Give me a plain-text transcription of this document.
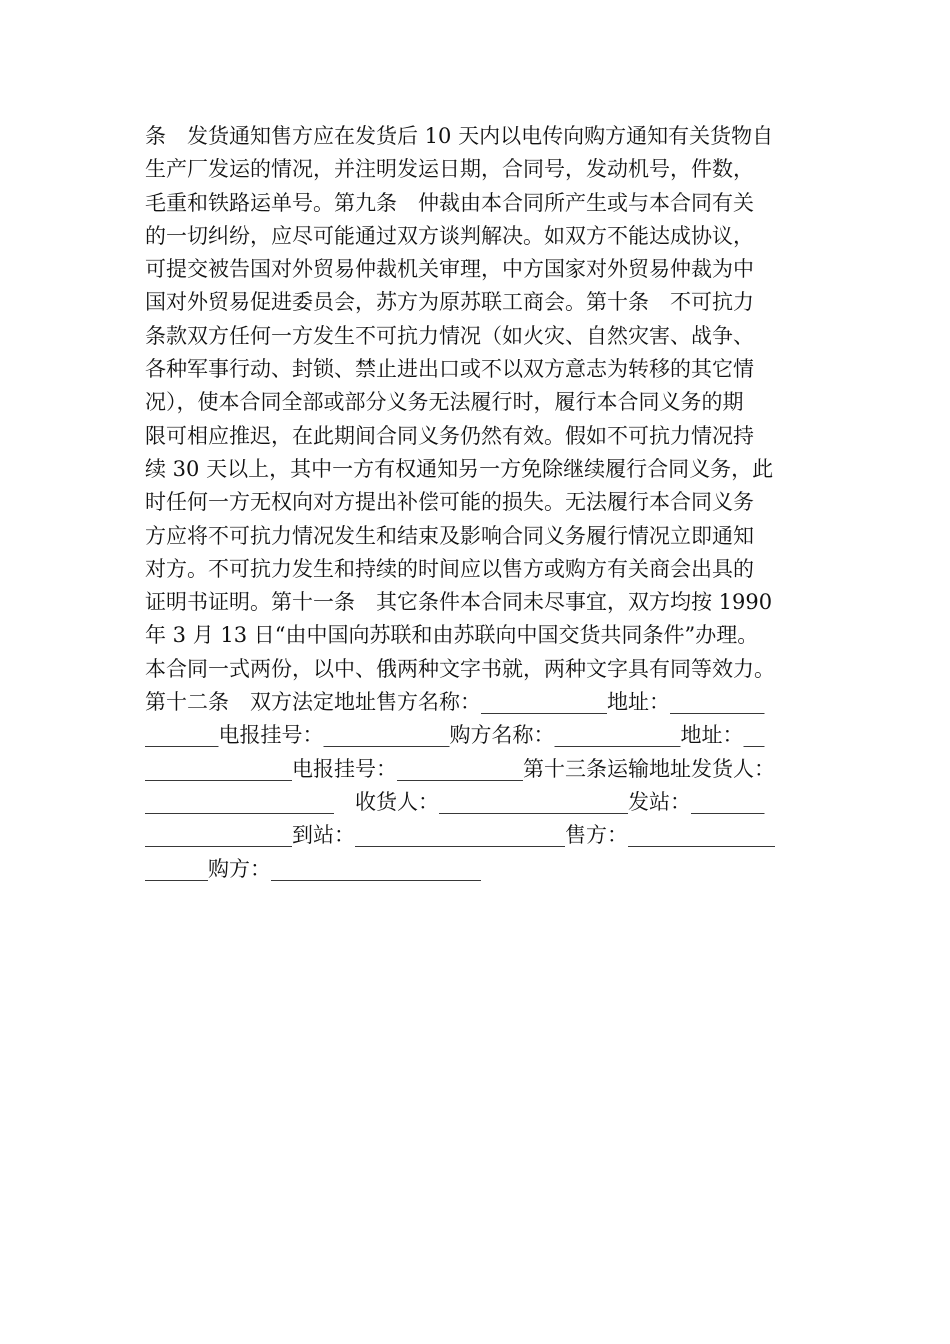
条　发货通知售方应在发货后 10 天内以电传向购方通知有关货物自
生产厂发运的情况，并注明发运日期，合同号，发动机号，件数，
毛重和铁路运单号。第九条　仲裁由本合同所产生或与本合同有关
的一切纠纷，应尽可能通过双方谈判解决。如双方不能达成协议，
可提交被告国对外贸易仲裁机关审理，中方国家对外贸易仲裁为中
国对外贸易促进委员会，苏方为原苏联工商会。第十条　不可抗力
条款双方任何一方发生不可抗力情况（如火灾、自然灾害、战争、
各种军事行动、封锁、禁止进出口或不以双方意志为转移的其它情
况），使本合同全部或部分义务无法履行时，履行本合同义务的期
限可相应推迟，在此期间合同义务仍然有效。假如不可抗力情况持
续 30 天以上，其中一方有权通知另一方免除继续履行合同义务，此
时任何一方无权向对方提出补偿可能的损失。无法履行本合同义务
方应将不可抗力情况发生和结束及影响合同义务履行情况立即通知
对方。不可抗力发生和持续的时间应以售方或购方有关商会出具的
证明书证明。第十一条　其它条件本合同未尽事宜，双方均按 1990
年 3 月 13 日“由中国向苏联和由苏联向中国交货共同条件”办理。
本合同一式两份，以中、俄两种文字书就，两种文字具有同等效力。
第十二条　双方法定地址售方名称：____________地址：_________
_______电报挂号：____________购方名称：____________地址：__
______________电报挂号：____________第十三条运输地址发货人：
__________________　收货人：__________________发站：_______
______________到站：____________________售方：______________
______购方：____________________
